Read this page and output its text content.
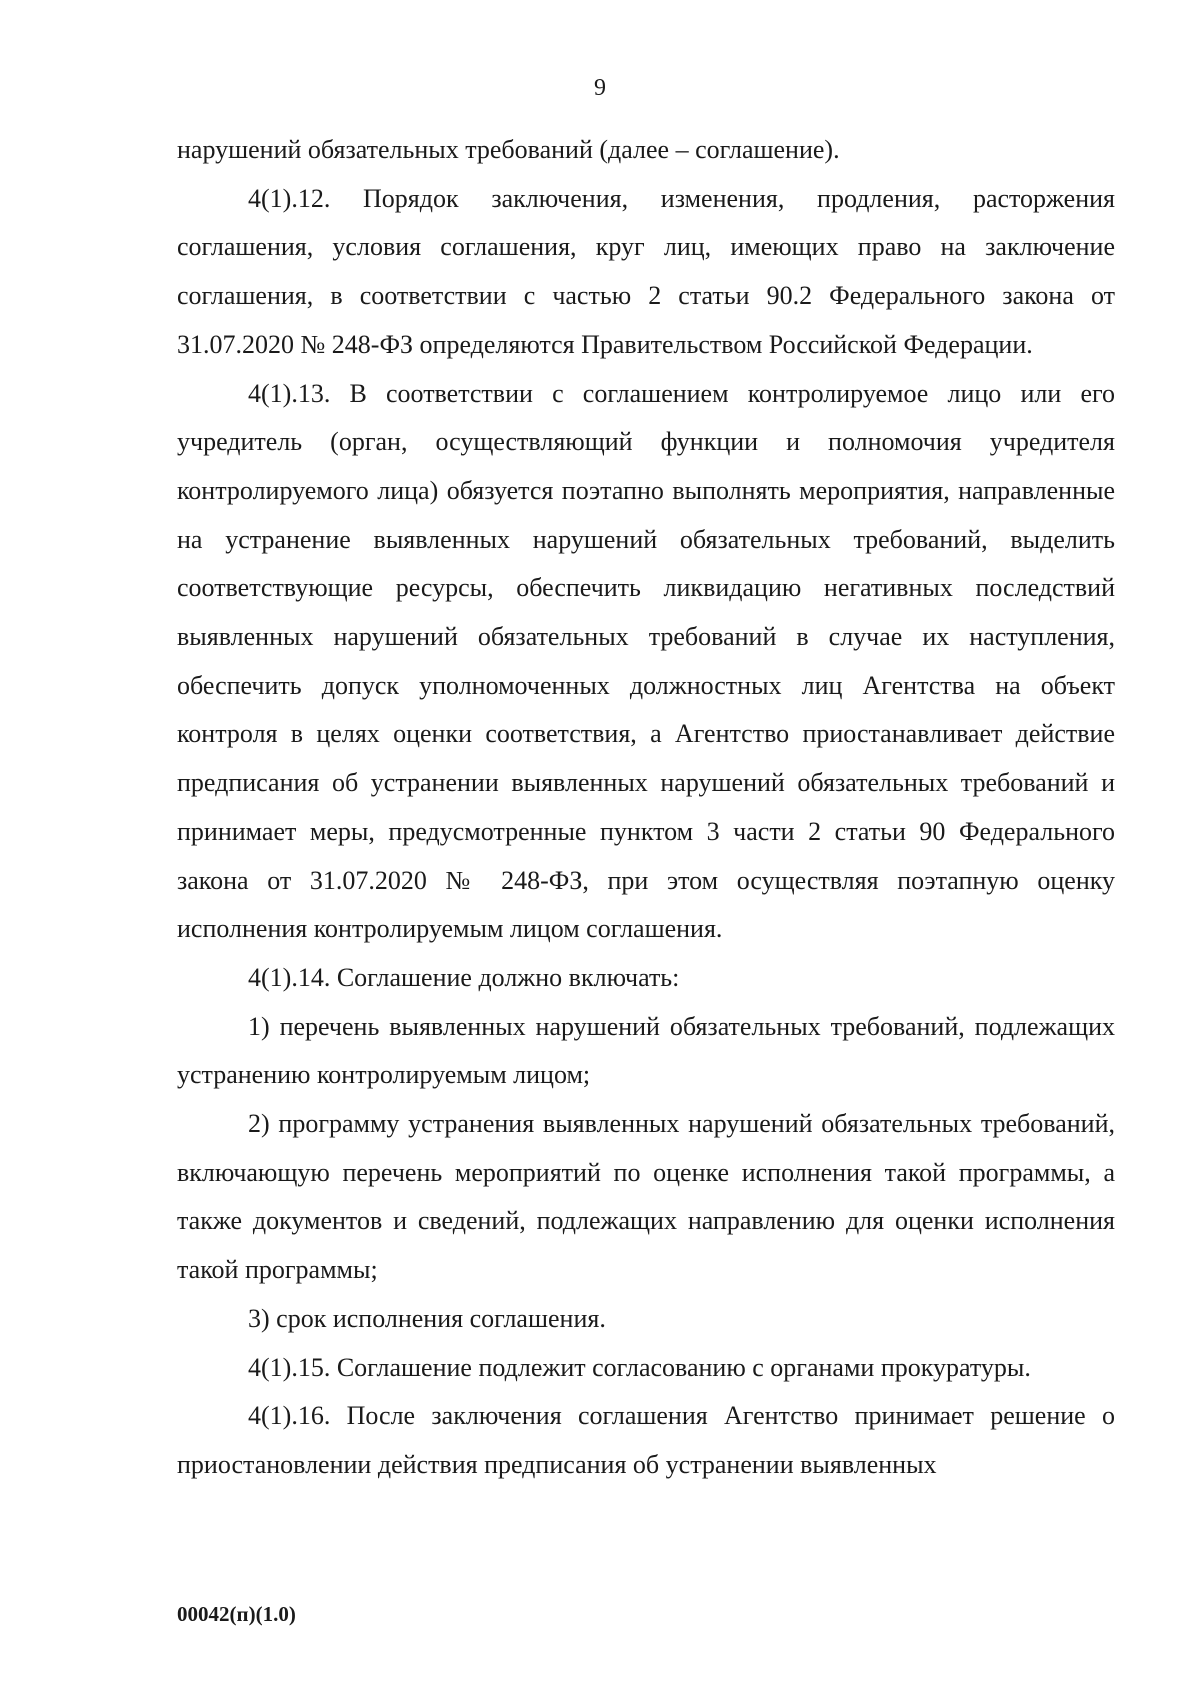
9

нарушений обязательных требований (далее – соглашение).

4(1).12. Порядок заключения, изменения, продления, расторжения соглашения, условия соглашения, круг лиц, имеющих право на заключение соглашения, в соответствии с частью 2 статьи 90.2 Федерального закона от 31.07.2020 № 248-ФЗ определяются Правительством Российской Федерации.

4(1).13. В соответствии с соглашением контролируемое лицо или его учредитель (орган, осуществляющий функции и полномочия учредителя контролируемого лица) обязуется поэтапно выполнять мероприятия, направленные на устранение выявленных нарушений обязательных требований, выделить соответствующие ресурсы, обеспечить ликвидацию негативных последствий выявленных нарушений обязательных требований в случае их наступления, обеспечить допуск уполномоченных должностных лиц Агентства на объект контроля в целях оценки соответствия, а Агентство приостанавливает действие предписания об устранении выявленных нарушений обязательных требований и принимает меры, предусмотренные пунктом 3 части 2 статьи 90 Федерального закона от 31.07.2020 № 248-ФЗ, при этом осуществляя поэтапную оценку исполнения контролируемым лицом соглашения.

4(1).14. Соглашение должно включать:

1) перечень выявленных нарушений обязательных требований, подлежащих устранению контролируемым лицом;

2) программу устранения выявленных нарушений обязательных требований, включающую перечень мероприятий по оценке исполнения такой программы, а также документов и сведений, подлежащих направлению для оценки исполнения такой программы;

3) срок исполнения соглашения.

4(1).15. Соглашение подлежит согласованию с органами прокуратуры.

4(1).16. После заключения соглашения Агентство принимает решение о приостановлении действия предписания об устранении выявленных

00042(п)(1.0)
